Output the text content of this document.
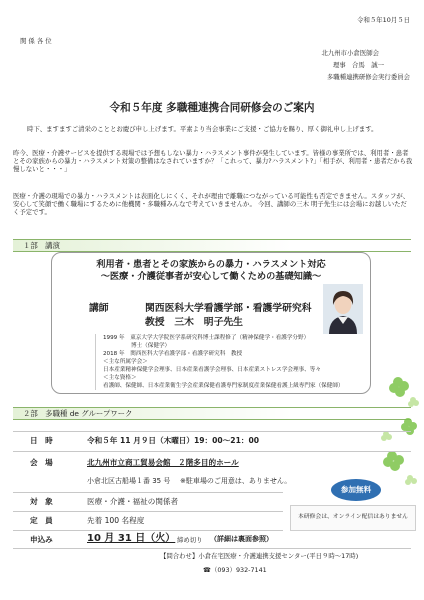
令和５年10月５日
関 係 各 位
北九州市小倉医師会
理事　合馬　誠一
多職種連携研修会実行委員会
令和５年度 多職種連携合同研修会のご案内
時下、ますますご清栄のこととお慶び申し上げます。平素より当会事業にご支援・ご協力を賜り、厚く御礼申し上げます。
昨今、医療・介護サービスを提供する現場では予想もしない暴力・ハラスメント事件が発生しています。皆様の事業所では、利用者・患者とその家族からの暴力・ハラスメント対策の整備はなされていますか？「これって、暴力?ハラスメント?」「相手が、利用者・患者だから我慢しないと・・・」
医療・介護の現場での暴力・ハラスメントは表面化しにくく、それが理由で離職につながっている可能性も否定できません。スタッフが、安心して笑顔で働く職場にするために他機関・多職種みんなで考えていきませんか。 今回、講師の三木 明子先生には会場にお越しいただく予定です。
１部　講演
利用者・患者とその家族からの暴力・ハラスメント対応
～医療・介護従事者が安心して働くための基礎知識～
講師	関西医科大学看護学部・看護学研究科
教授　三木　明子先生
1999 年　東京大学大学院医学系研究科博士課程修了（精神保健学・看護学分野）
　　　　　博士（保健学）
2018 年　関西医科大学看護学部・看護学研究科　教授
＜主な所属学会＞
日本産業精神保健学会理事、日本産業看護学会理事、日本産業ストレス学会理事、等々
＜主な資格＞
看護師、保健師、日本産業衛生学会産業保健看護専門家制度産業保健看護上級専門家（保健師）
２部　多職種 de グループワーク
日　時	令和５年 11 月９日（木曜日）19：00～21：00
会　場	北九州市立商工貿易会館　２階多目的ホール
小倉北区古船場１番 35 号 ※駐車場のご用意は、ありません。
参加無料
対　象	医療・介護・福祉の関係者
本研修会は、オンライン配信はありません
定　員	先着 100 名程度
申込み	10 月 31 日（火） 締め切り （詳細は裏面参照）
【問合わせ】小倉在宅医療・介護連携支援センター(平日９時～17時)
☎（093）932-7141
